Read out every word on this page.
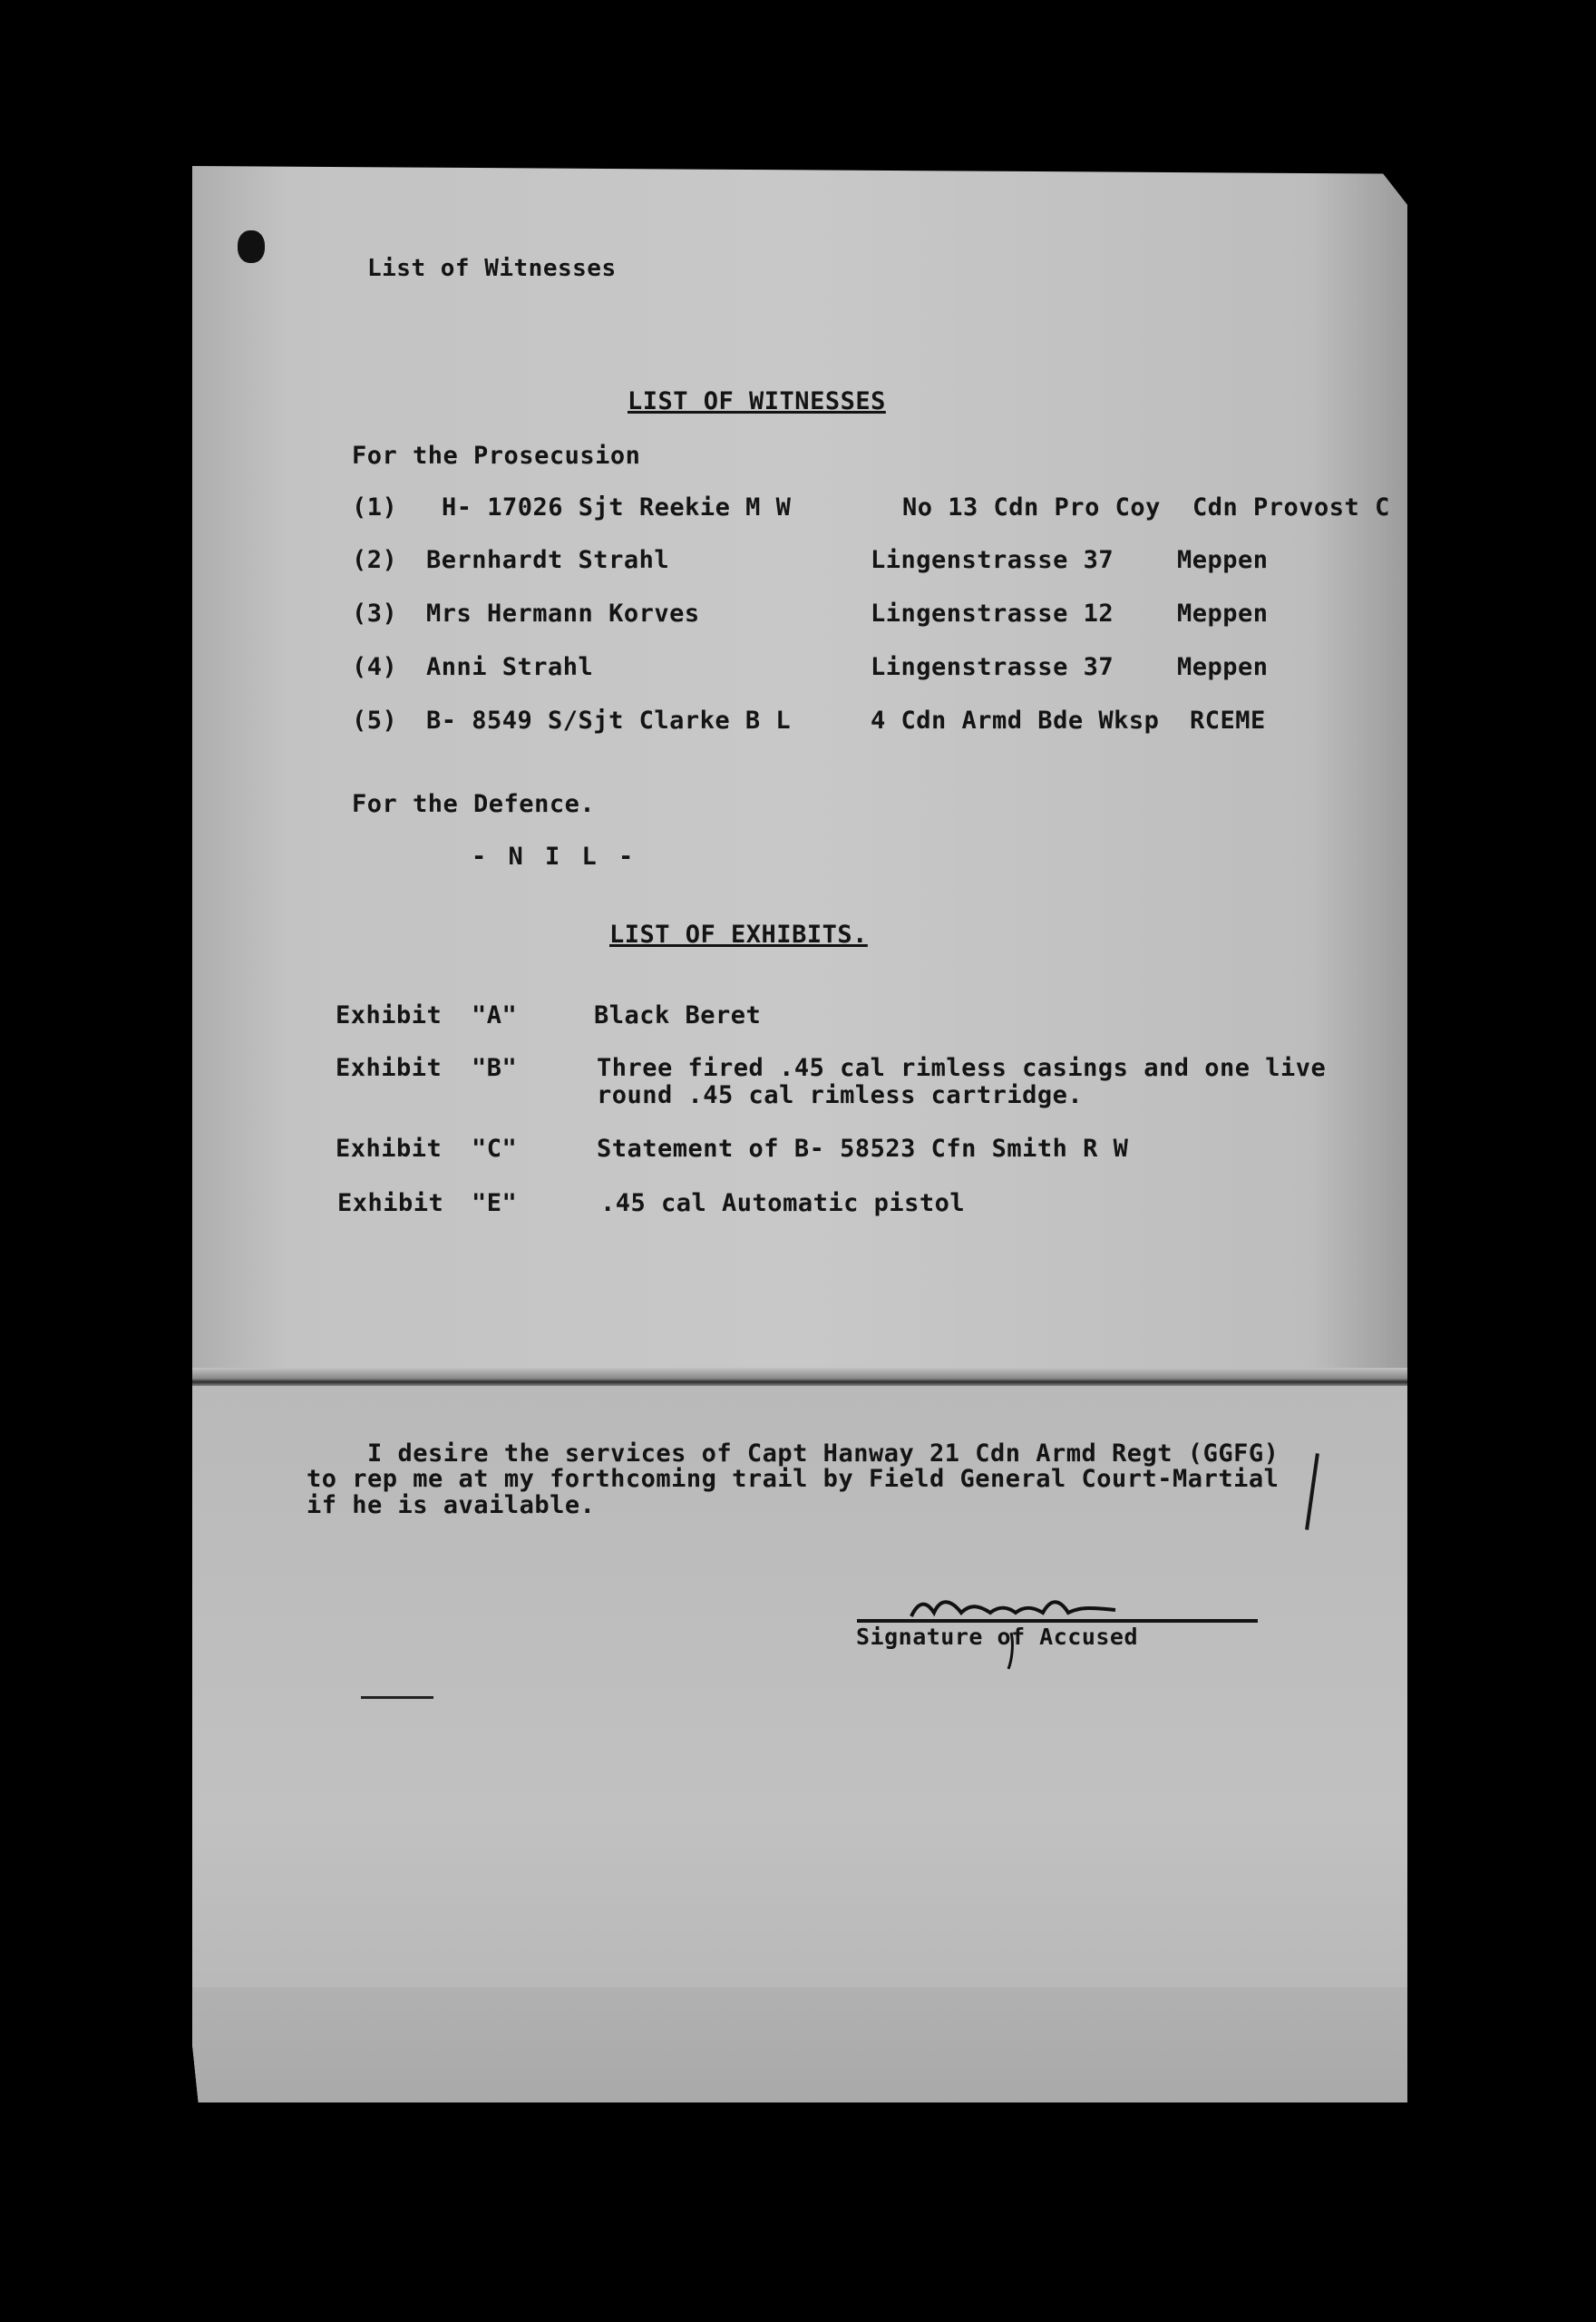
List of Witnesses
LIST OF WITNESSES
For the Prosecusion
(1) H- 17026 Sjt Reekie M W	No 13 Cdn Pro Coy Cdn Provost C
(2) Bernhardt Strahl	Lingenstrasse 37	Meppen
(3) Mrs Hermann Korves	Lingenstrasse 12	Meppen
(4) Anni Strahl	Lingenstrasse 37	Meppen
(5) B- 8549 S/Sjt Clarke B L	4 Cdn Armd Bde Wksp RCEME
For the Defence.
- N I L -
LIST OF EXHIBITS.
Exhibit "A"	Black Beret
Exhibit "B"	Three fired .45 cal rimless casings and one live
round .45 cal rimless cartridge.
Exhibit "C"	Statement of B- 58523 Cfn Smith R W
Exhibit "E"	.45 cal Automatic pistol
I desire the services of Capt Hanway 21 Cdn Armd Regt (GGFG)
to rep me at my forthcoming trail by Field General Court-Martial
if he is available.
Signature of Accused
